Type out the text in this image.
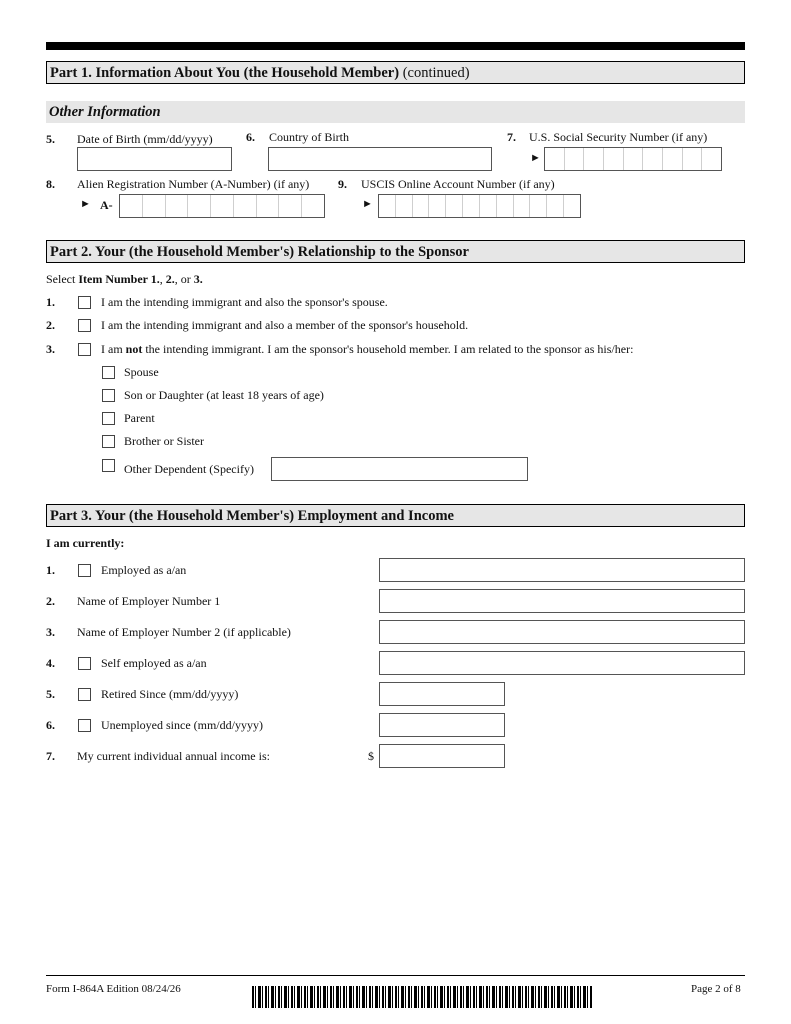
Part 1. Information About You (the Household Member) (continued)
Other Information
5. Date of Birth (mm/dd/yyyy)	6. Country of Birth	7. U.S. Social Security Number (if any)
►
8. Alien Registration Number (A-Number) (if any)
► A-
9. USCIS Online Account Number (if any)
►
Part 2. Your (the Household Member's) Relationship to the Sponsor
Select Item Number 1., 2., or 3.
1.	I am the intending immigrant and also the sponsor's spouse.
2.	I am the intending immigrant and also a member of the sponsor's household.
3.	I am not the intending immigrant. I am the sponsor's household member. I am related to the sponsor as his/her:
Spouse
Son or Daughter (at least 18 years of age)
Parent
Brother or Sister
Other Dependent (Specify)
Part 3. Your (the Household Member's) Employment and Income
I am currently:
1.	Employed as a/an
2. Name of Employer Number 1
3. Name of Employer Number 2 (if applicable)
4.	Self employed as a/an
5.	Retired Since (mm/dd/yyyy)
6.	Unemployed since (mm/dd/yyyy)
7. My current individual annual income is:	$
Form I-864A Edition 08/24/26	Page 2 of 8
